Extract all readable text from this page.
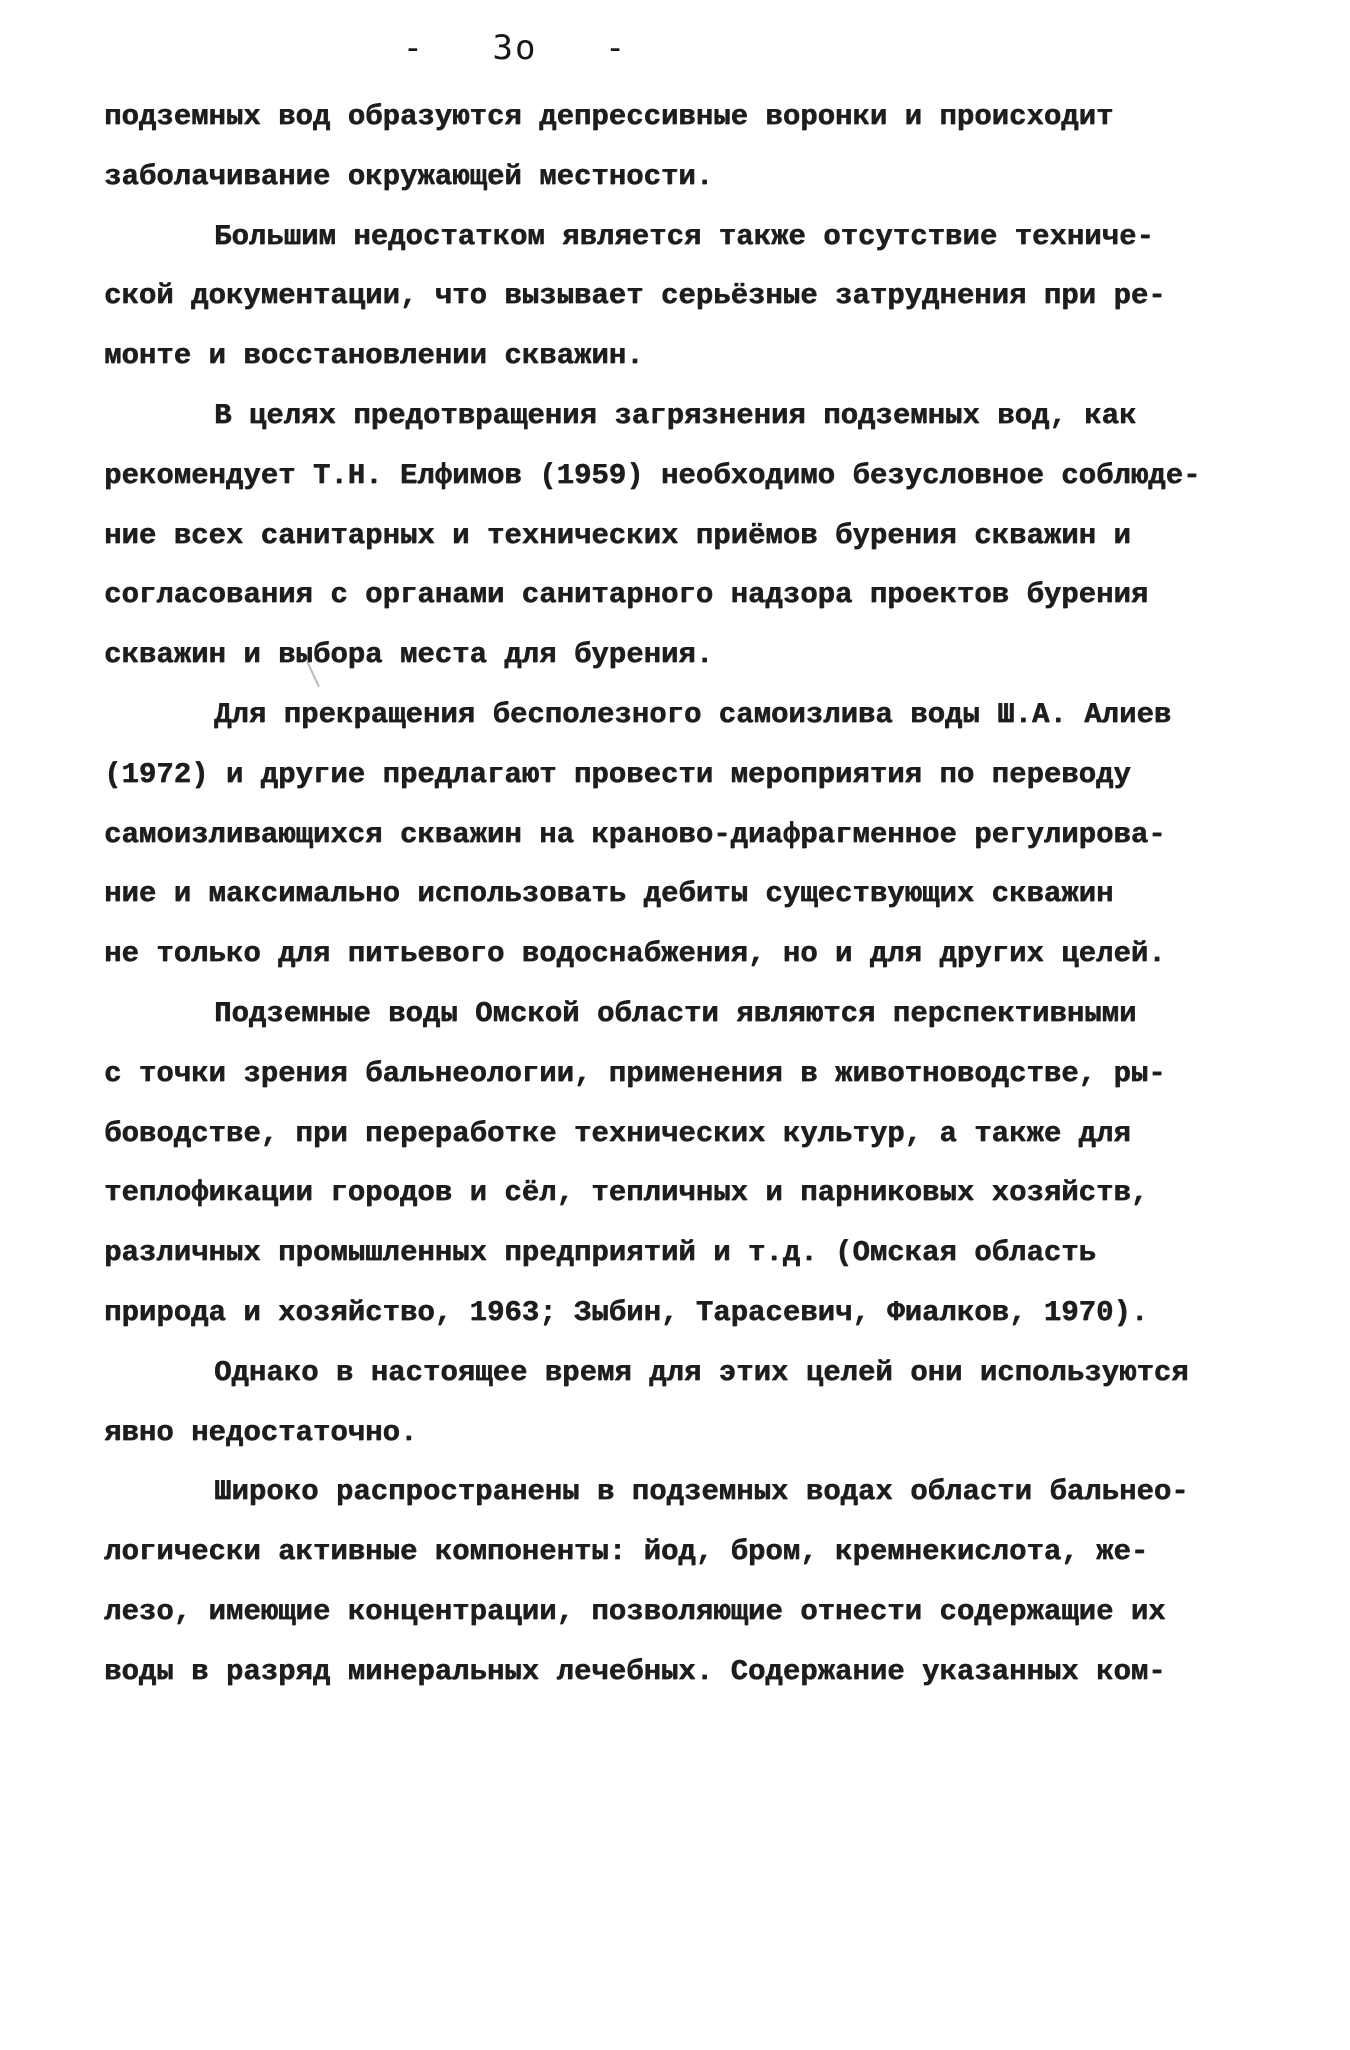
-   3о   -
подземных вод образуются депрессивные воронки и происходит
заболачивание окружающей местности.
Большим недостатком является также отсутствие техниче-
ской документации, что вызывает серьёзные затруднения при ре-
монте и восстановлении скважин.
В целях предотвращения загрязнения подземных вод, как
рекомендует Т.Н. Елфимов (1959) необходимо безусловное соблюде-
ние всех санитарных и технических приёмов бурения скважин и
согласования с органами санитарного надзора проектов бурения
скважин и выбора места для бурения.
Для прекращения бесполезного самоизлива воды Ш.А. Алиев
(1972) и другие предлагают провести мероприятия по переводу
самоизливающихся скважин на краново-диафрагменное регулирова-
ние и максимально использовать дебиты существующих скважин
не только для питьевого водоснабжения, но и для других целей.
Подземные воды Омской области являются перспективными
с точки зрения бальнеологии, применения в животноводстве, ры-
боводстве, при переработке технических культур, а также для
теплофикации городов и сёл, тепличных и парниковых хозяйств,
различных промышленных предприятий и т.д. (Омская область
природа и хозяйство, 1963; Зыбин, Тарасевич, Фиалков, 1970).
Однако в настоящее время для этих целей они используются
явно недостаточно.
Широко распространены в подземных водах области бальнео-
логически активные компоненты: йод, бром, кремнекислота, же-
лезо, имеющие концентрации, позволяющие отнести содержащие их
воды в разряд минеральных лечебных. Содержание указанных ком-
